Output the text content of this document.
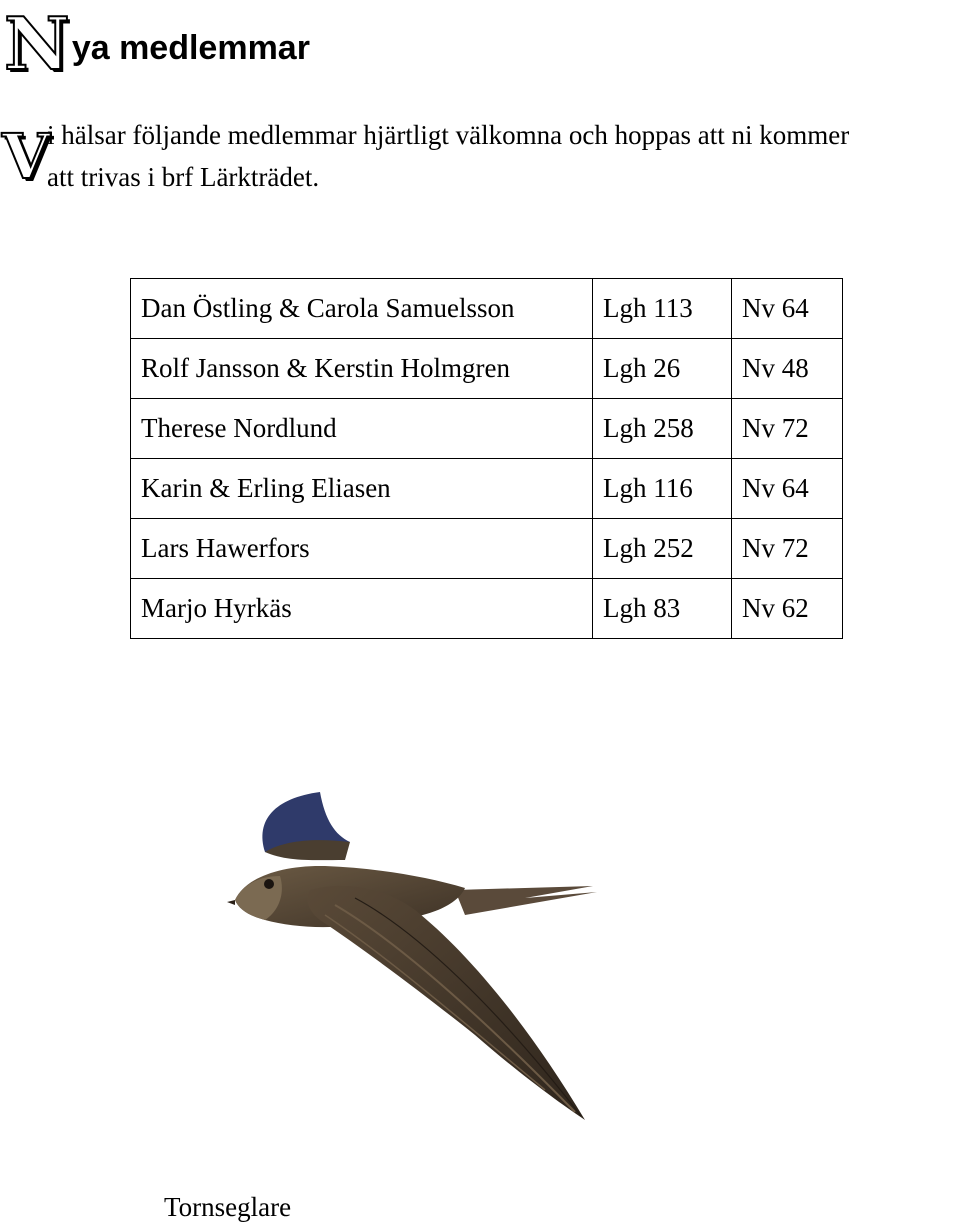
N ya medlemmar
V
i hälsar följande medlemmar hjärtligt välkomna och hoppas att ni kommer
att trivas i brf Lärkträdet.
Dan Östling & Carola Samuelsson	Lgh 113	Nv 64
Rolf Jansson & Kerstin Holmgren	Lgh 26	Nv 48
Therese Nordlund	Lgh 258	Nv 72
Karin & Erling Eliasen	Lgh 116	Nv 64
Lars Hawerfors	Lgh 252	Nv 72
Marjo Hyrkäs	Lgh 83	Nv 62
Tornseglare
